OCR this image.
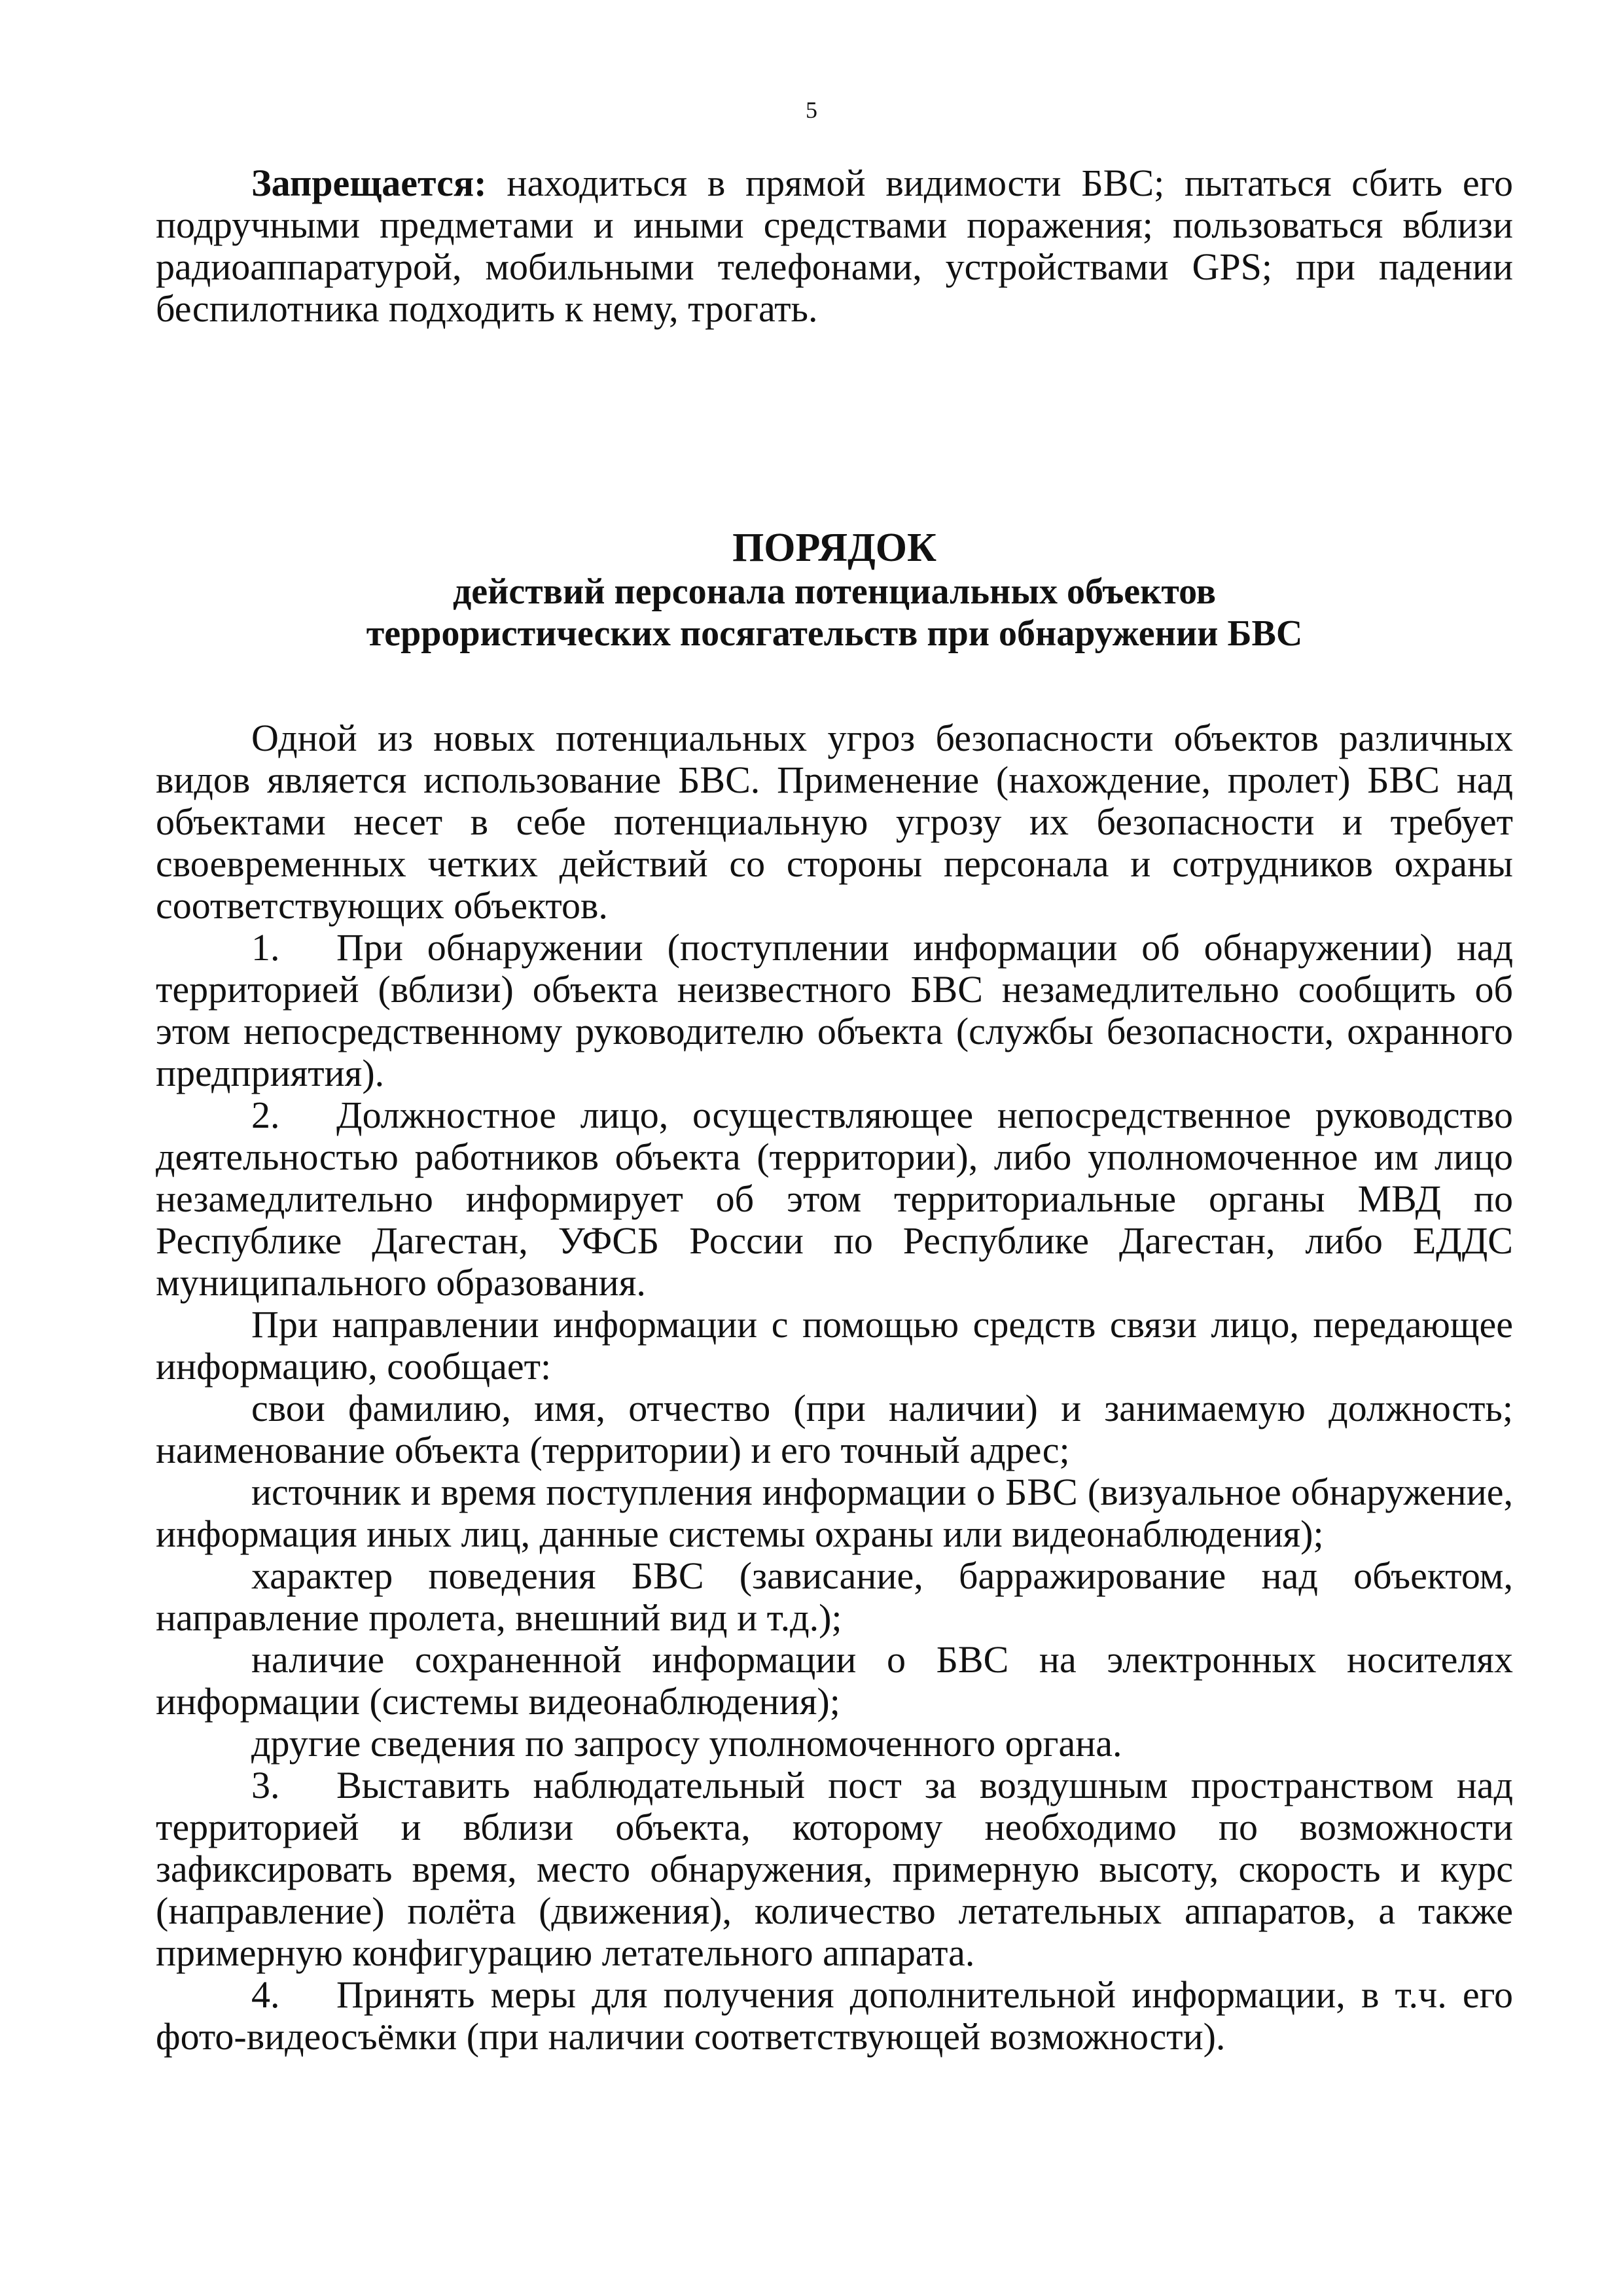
5

Запрещается: находиться в прямой видимости БВС; пытаться сбить его подручными предметами и иными средствами поражения; пользоваться вблизи радиоаппаратурой, мобильными телефонами, устройствами GPS; при падении беспилотника подходить к нему, трогать.

ПОРЯДОК
действий персонала потенциальных объектов
террористических посягательств при обнаружении БВС

Одной из новых потенциальных угроз безопасности объектов различных видов является использование БВС. Применение (нахождение, пролет) БВС над объектами несет в себе потенциальную угрозу их безопасности и требует своевременных четких действий со стороны персонала и сотрудников охраны соответствующих объектов.

1. При обнаружении (поступлении информации об обнаружении) над территорией (вблизи) объекта неизвестного БВС незамедлительно сообщить об этом непосредственному руководителю объекта (службы безопасности, охранного предприятия).

2. Должностное лицо, осуществляющее непосредственное руководство деятельностью работников объекта (территории), либо уполномоченное им лицо незамедлительно информирует об этом территориальные органы МВД по Республике Дагестан, УФСБ России по Республике Дагестан, либо ЕДДС муниципального образования.

При направлении информации с помощью средств связи лицо, передающее информацию, сообщает:

свои фамилию, имя, отчество (при наличии) и занимаемую должность; наименование объекта (территории) и его точный адрес;

источник и время поступления информации о БВС (визуальное обнаружение, информация иных лиц, данные системы охраны или видеонаблюдения);

характер поведения БВС (зависание, барражирование над объектом, направление пролета, внешний вид и т.д.);

наличие сохраненной информации о БВС на электронных носителях информации (системы видеонаблюдения);

другие сведения по запросу уполномоченного органа.

3. Выставить наблюдательный пост за воздушным пространством над территорией и вблизи объекта, которому необходимо по возможности зафиксировать время, место обнаружения, примерную высоту, скорость и курс (направление) полёта (движения), количество летательных аппаратов, а также примерную конфигурацию летательного аппарата.

4. Принять меры для получения дополнительной информации, в т.ч. его фото-видеосъёмки (при наличии соответствующей возможности).
